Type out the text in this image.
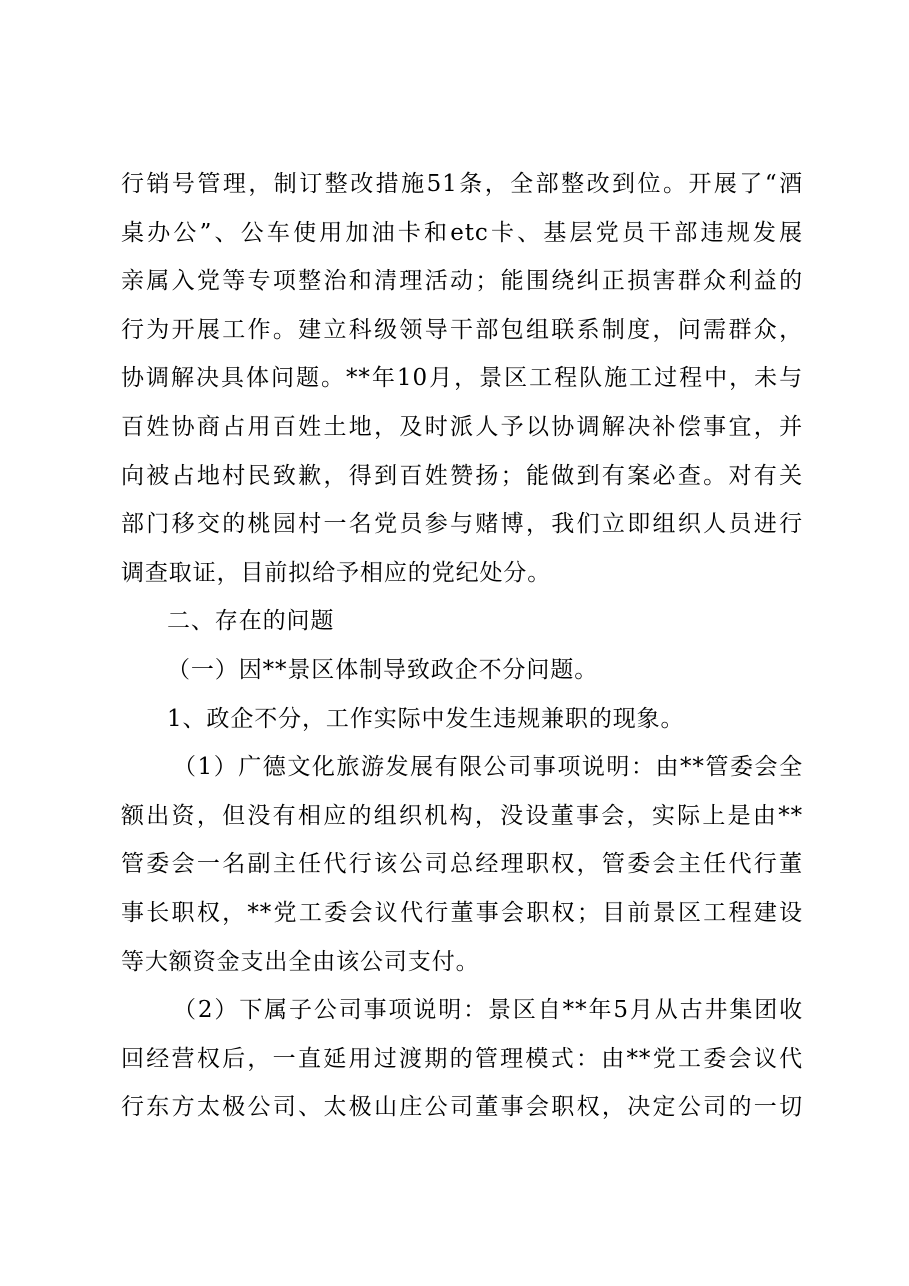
行销号管理，制订整改措施51条，全部整改到位。开展了“酒
桌办公”、公车使用加油卡和etc卡、基层党员干部违规发展
亲属入党等专项整治和清理活动；能围绕纠正损害群众利益的
行为开展工作。建立科级领导干部包组联系制度，问需群众，
协调解决具体问题。**年10月，景区工程队施工过程中，未与
百姓协商占用百姓土地，及时派人予以协调解决补偿事宜，并
向被占地村民致歉，得到百姓赞扬；能做到有案必查。对有关
部门移交的桃园村一名党员参与赌博，我们立即组织人员进行
调查取证，目前拟给予相应的党纪处分。
二、存在的问题
（一）因**景区体制导致政企不分问题。
1、政企不分，工作实际中发生违规兼职的现象。
（1）广德文化旅游发展有限公司事项说明：由**管委会全
额出资，但没有相应的组织机构，没设董事会，实际上是由**
管委会一名副主任代行该公司总经理职权，管委会主任代行董
事长职权，**党工委会议代行董事会职权；目前景区工程建设
等大额资金支出全由该公司支付。
（2）下属子公司事项说明：景区自**年5月从古井集团收
回经营权后，一直延用过渡期的管理模式：由**党工委会议代
行东方太极公司、太极山庄公司董事会职权，决定公司的一切
